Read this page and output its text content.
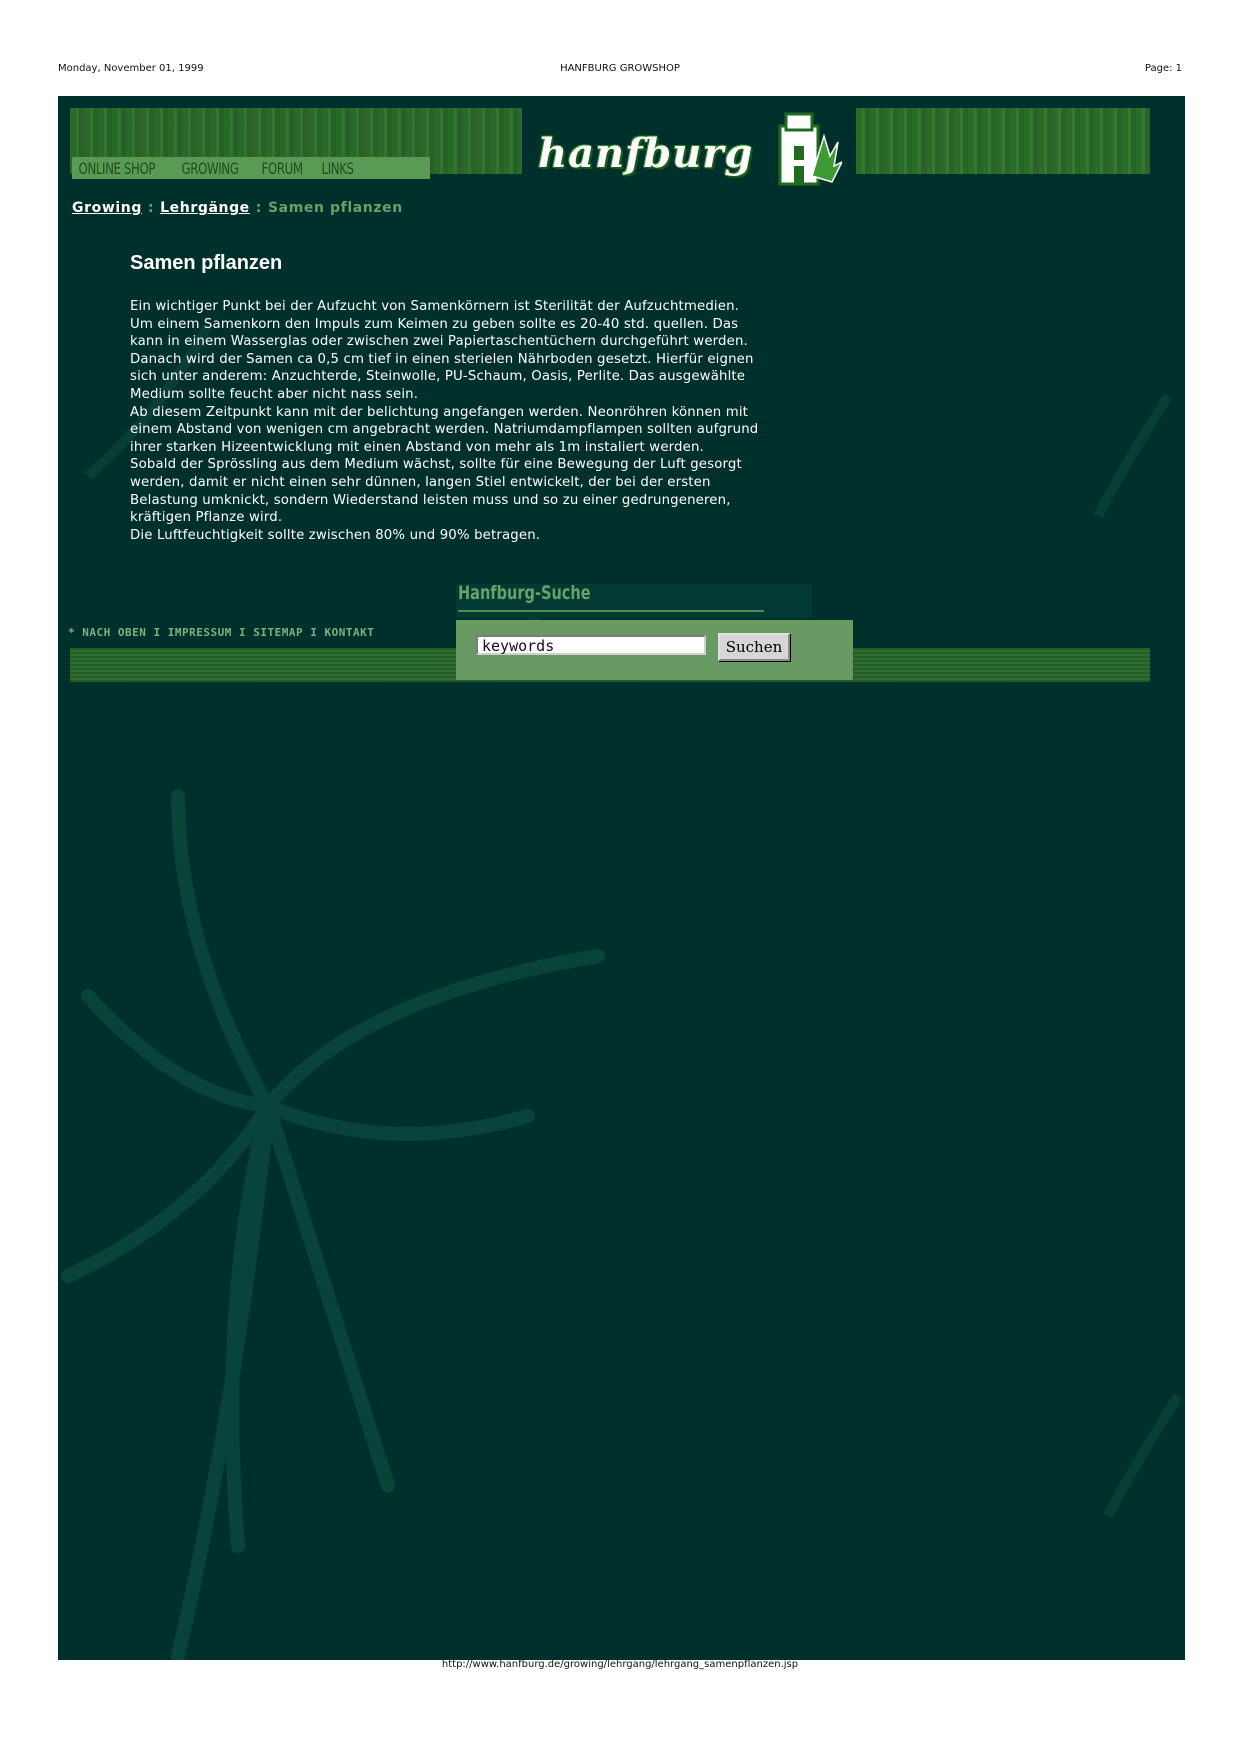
Monday, November 01, 1999	HANFBURG GROWSHOP	Page: 1
ONLINE SHOP	GROWING	FORUM	LINKS	hanfburg
Growing : Lehrgänge : Samen pflanzen
Samen pflanzen
Ein wichtiger Punkt bei der Aufzucht von Samenkörnern ist Sterilität der Aufzuchtmedien.
Um einem Samenkorn den Impuls zum Keimen zu geben sollte es 20-40 std. quellen. Das
kann in einem Wasserglas oder zwischen zwei Papiertaschentüchern durchgeführt werden.
Danach wird der Samen ca 0,5 cm tief in einen sterielen Nährboden gesetzt. Hierfür eignen
sich unter anderem: Anzuchterde, Steinwolle, PU-Schaum, Oasis, Perlite. Das ausgewählte
Medium sollte feucht aber nicht nass sein.
Ab diesem Zeitpunkt kann mit der belichtung angefangen werden. Neonröhren können mit
einem Abstand von wenigen cm angebracht werden. Natriumdampflampen sollten aufgrund
ihrer starken Hizeentwicklung mit einen Abstand von mehr als 1m instaliert werden.
Sobald der Sprössling aus dem Medium wächst, sollte für eine Bewegung der Luft gesorgt
werden, damit er nicht einen sehr dünnen, langen Stiel entwickelt, der bei der ersten
Belastung umknickt, sondern Wiederstand leisten muss und so zu einer gedrungeneren,
kräftigen Pflanze wird.
Die Luftfeuchtigkeit sollte zwischen 80% und 90% betragen.
* NACH OBEN I IMPRESSUM I SITEMAP I KONTAKT
Hanfburg-Suche
keywords	Suchen
http://www.hanfburg.de/growing/lehrgang/lehrgang_samenpflanzen.jsp
